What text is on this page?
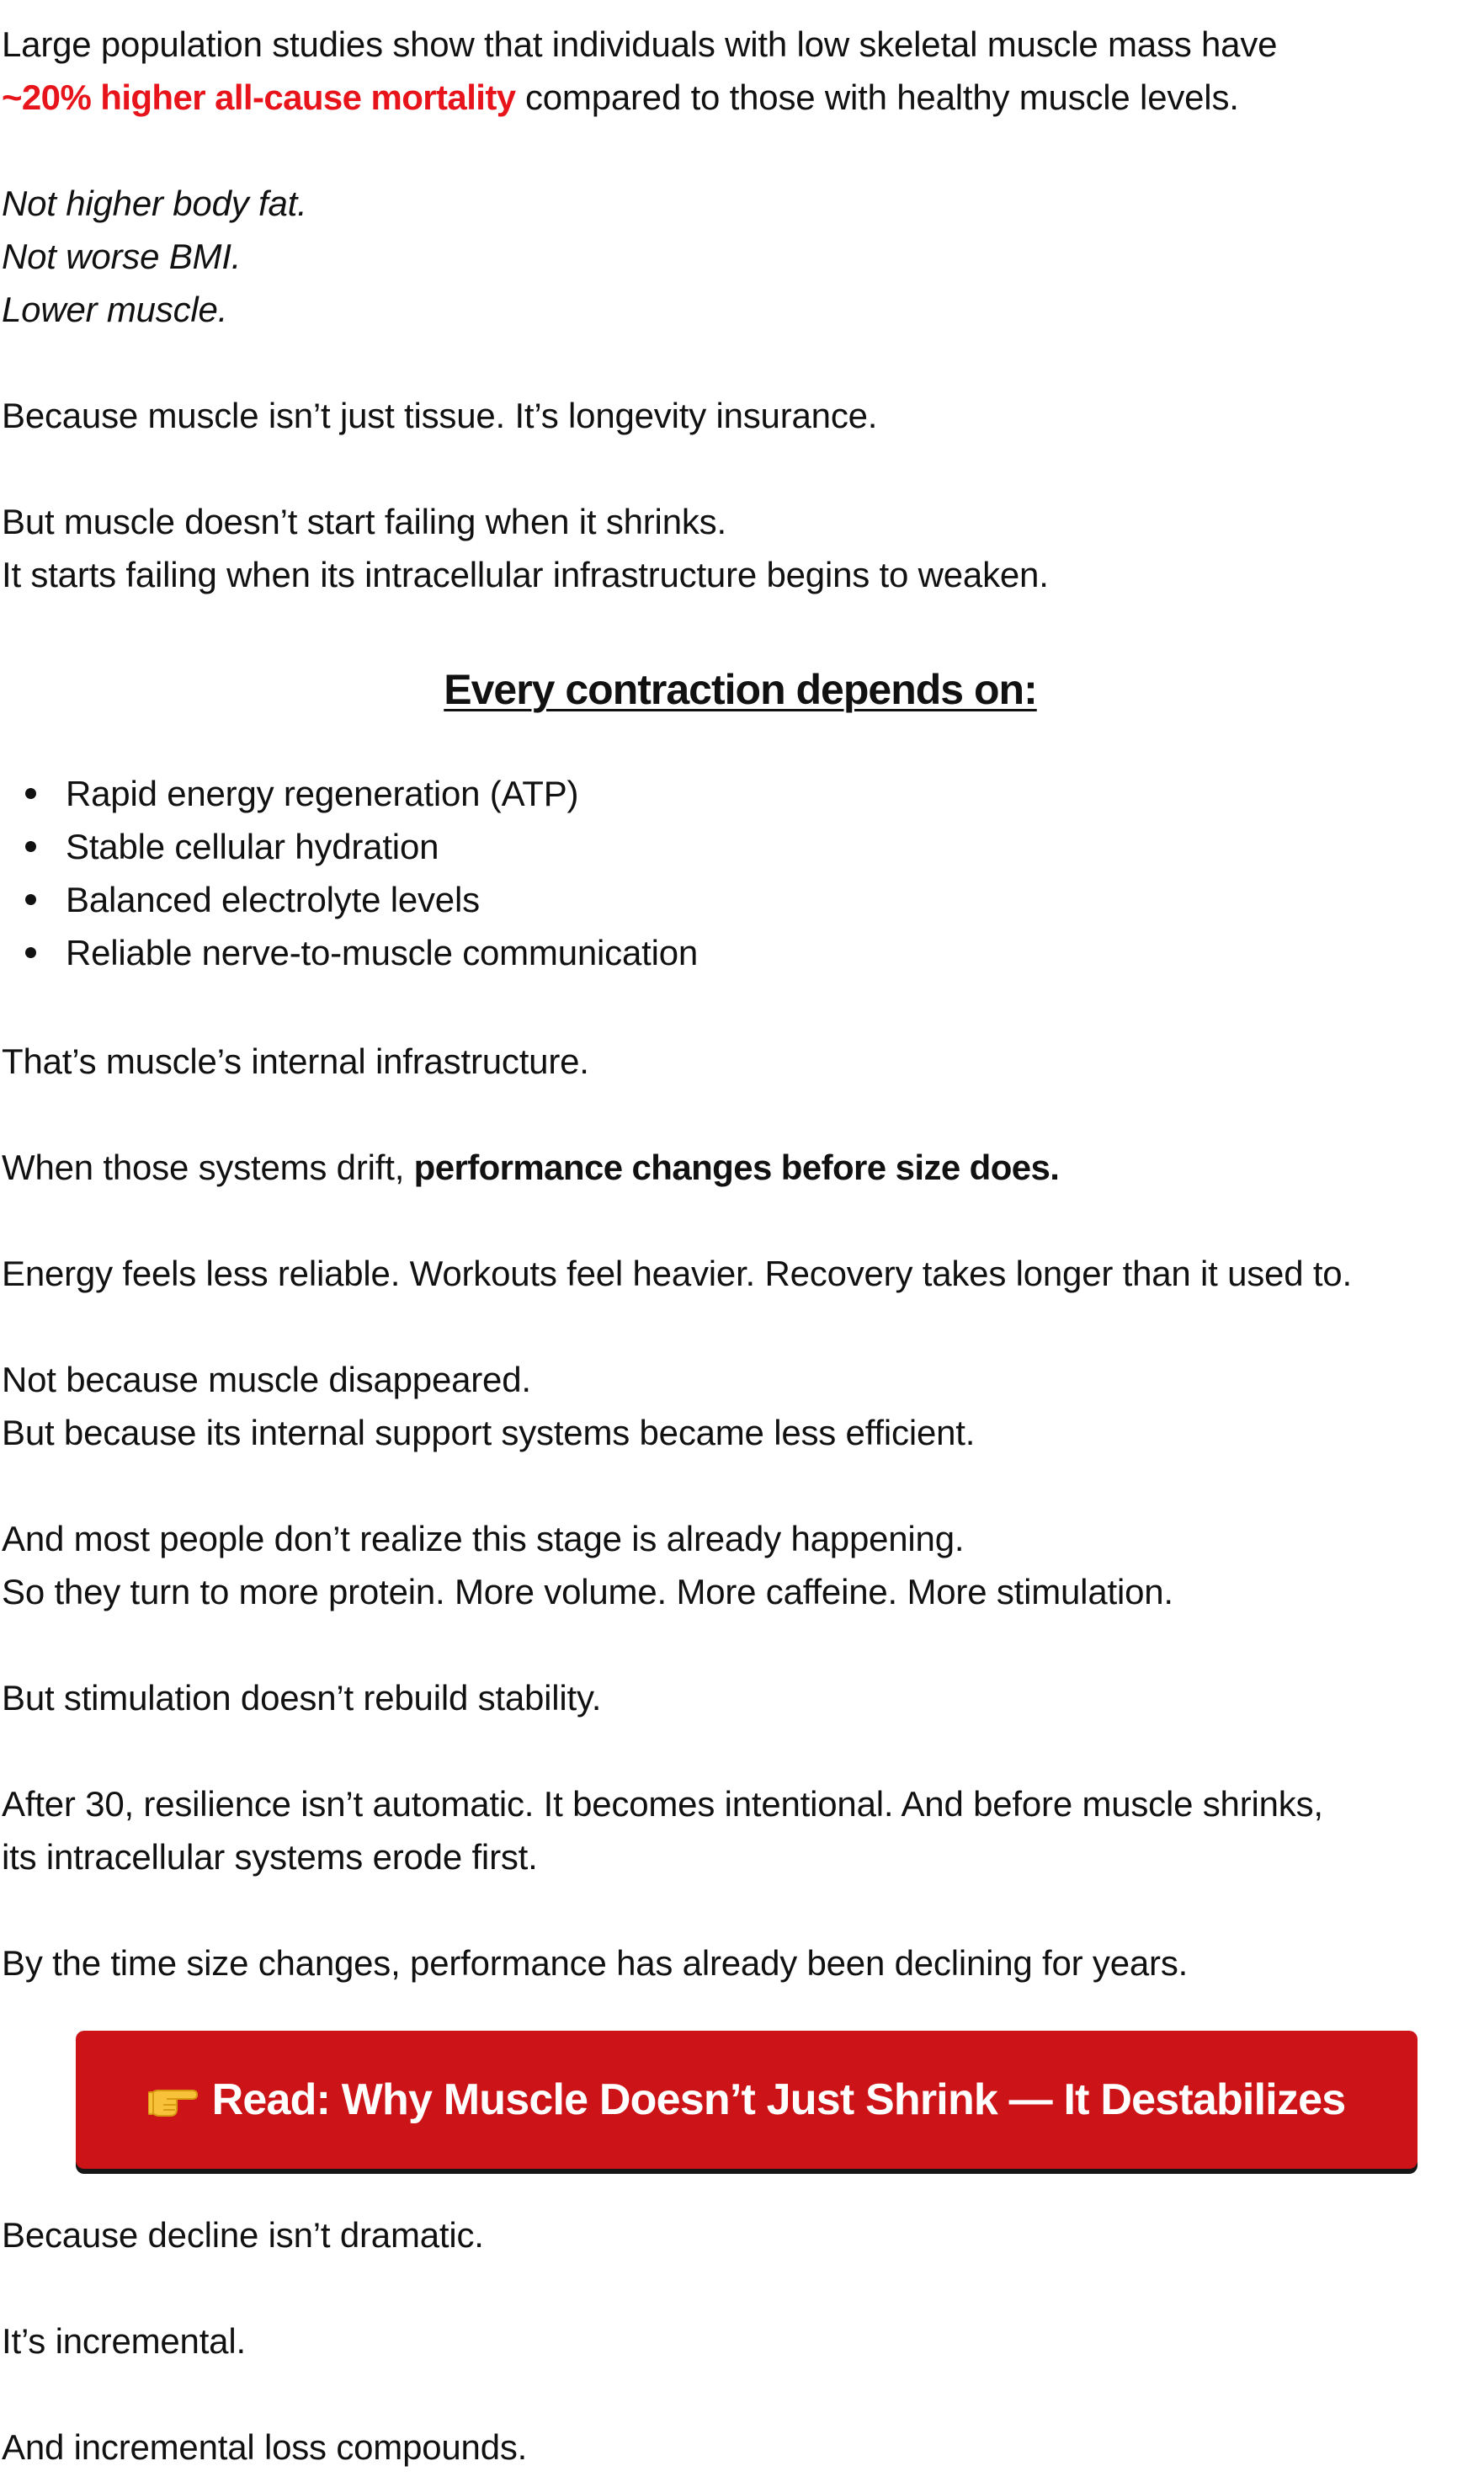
Large population studies show that individuals with low skeletal muscle mass have

~20% higher all-cause mortality compared to those with healthy muscle levels.

Not higher body fat.

Not worse BMI.

Lower muscle.

Because muscle isn’t just tissue. It’s longevity insurance.

But muscle doesn’t start failing when it shrinks.

It starts failing when its intracellular infrastructure begins to weaken.

Every contraction depends on:
Rapid energy regeneration (ATP)
Stable cellular hydration
Balanced electrolyte levels
Reliable nerve-to-muscle communication

That’s muscle’s internal infrastructure.

When those systems drift, performance changes before size does.

Energy feels less reliable. Workouts feel heavier. Recovery takes longer than it used to.

Not because muscle disappeared.

But because its internal support systems became less efficient.

And most people don’t realize this stage is already happening.

So they turn to more protein. More volume. More caffeine. More stimulation.

But stimulation doesn’t rebuild stability.

After 30, resilience isn’t automatic. It becomes intentional. And before muscle shrinks,

its intracellular systems erode first.

By the time size changes, performance has already been declining for years.

Read: Why Muscle Doesn’t Just Shrink — It Destabilizes

Because decline isn’t dramatic.

It’s incremental.

And incremental loss compounds.
